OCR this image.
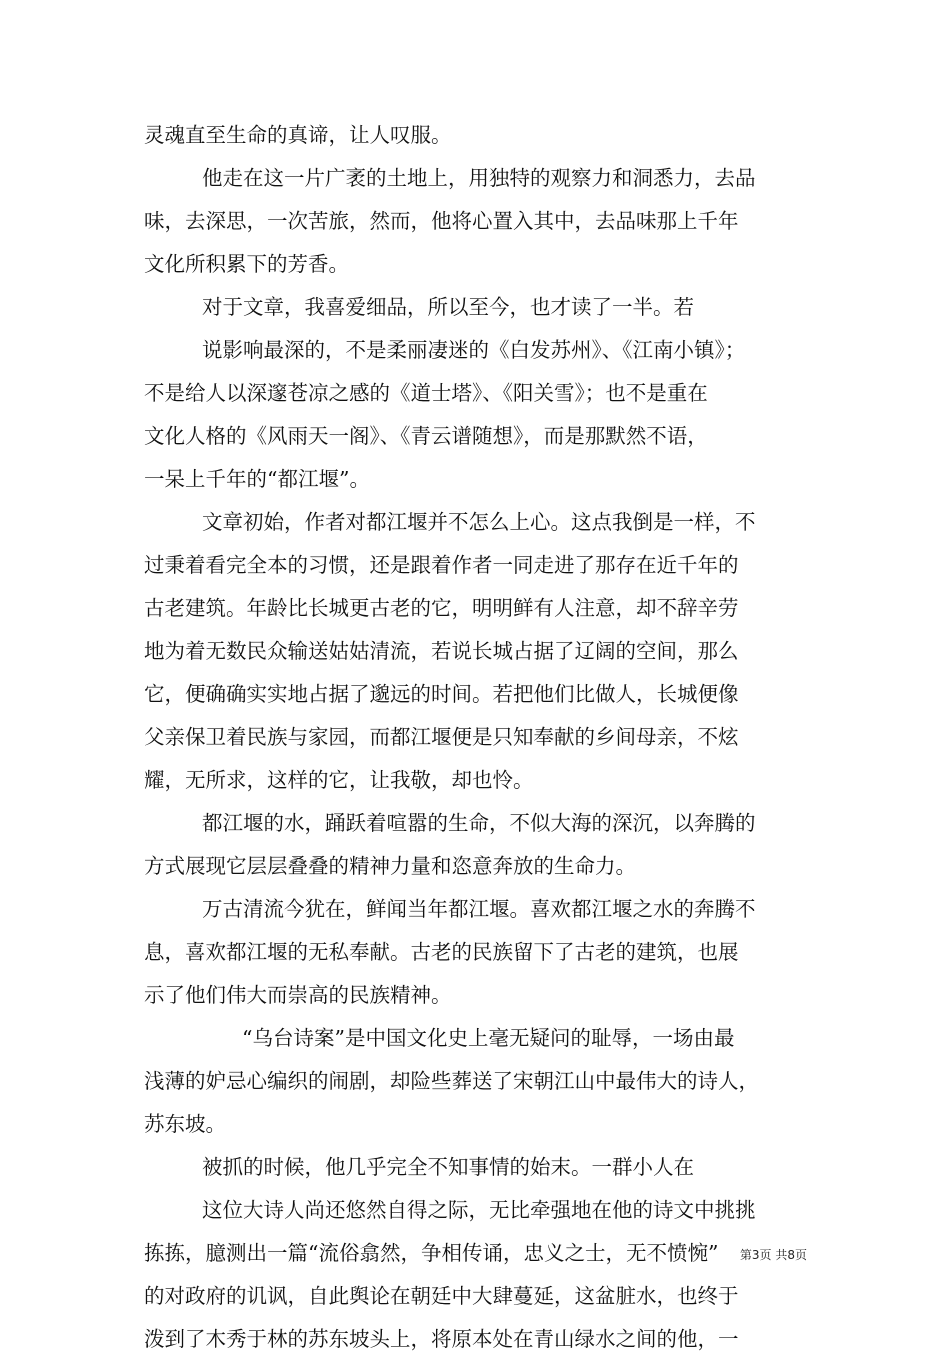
灵魂直至生命的真谛，让人叹服。
他走在这一片广袤的土地上，用独特的观察力和洞悉力，去品
味，去深思，一次苦旅，然而，他将心置入其中，去品味那上千年
文化所积累下的芳香。
对于文章，我喜爱细品，所以至今，也才读了一半。若
说影响最深的，不是柔丽凄迷的《白发苏州》、《江南小镇》；
不是给人以深邃苍凉之感的《道士塔》、《阳关雪》；也不是重在
文化人格的《风雨天一阁》、《青云谱随想》，而是那默然不语，
一呆上千年的“都江堰”。
文章初始，作者对都江堰并不怎么上心。这点我倒是一样，不
过秉着看完全本的习惯，还是跟着作者一同走进了那存在近千年的
古老建筑。年龄比长城更古老的它，明明鲜有人注意，却不辞辛劳
地为着无数民众输送姑姑清流，若说长城占据了辽阔的空间，那么
它，便确确实实地占据了邈远的时间。若把他们比做人，长城便像
父亲保卫着民族与家园，而都江堰便是只知奉献的乡间母亲，不炫
耀，无所求，这样的它，让我敬，却也怜。
都江堰的水，踊跃着喧嚣的生命，不似大海的深沉，以奔腾的
方式展现它层层叠叠的精神力量和恣意奔放的生命力。
万古清流今犹在，鲜闻当年都江堰。喜欢都江堰之水的奔腾不
息，喜欢都江堰的无私奉献。古老的民族留下了古老的建筑，也展
示了他们伟大而崇高的民族精神。
“乌台诗案”是中国文化史上毫无疑问的耻辱，一场由最
浅薄的妒忌心编织的闹剧，却险些葬送了宋朝江山中最伟大的诗人，
苏东坡。
被抓的时候，他几乎完全不知事情的始末。一群小人在
这位大诗人尚还悠然自得之际，无比牵强地在他的诗文中挑挑
拣拣，臆测出一篇“流俗翕然，争相传诵，忠义之士，无不愤惋”
的对政府的讥讽，自此舆论在朝廷中大肆蔓延，这盆脏水，也终于
泼到了木秀于林的苏东坡头上，将原本处在青山绿水之间的他，一
第3页 共8页
